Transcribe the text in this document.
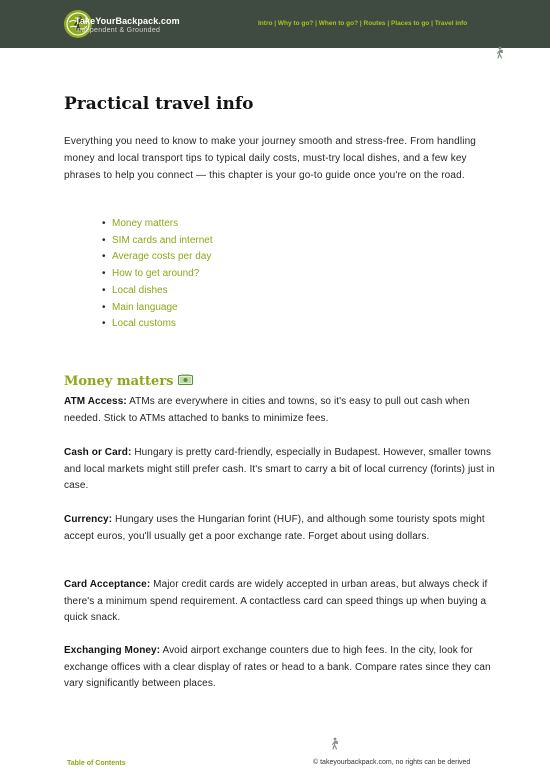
TakeYourBackpack.com
Independent & Grounded
Intro | Why to go? | When to go? | Routes | Places to go | Travel info
Practical travel info

Everything you need to know to make your journey smooth and stress-free. From handling money and local transport tips to typical daily costs, must-try local dishes, and a few key phrases to help you connect — this chapter is your go-to guide once you're on the road.

• Money matters
• SIM cards and internet
• Average costs per day
• How to get around?
• Local dishes
• Main language
• Local customs
Money matters

ATM Access: ATMs are everywhere in cities and towns, so it's easy to pull out cash when needed. Stick to ATMs attached to banks to minimize fees.

Cash or Card: Hungary is pretty card-friendly, especially in Budapest. However, smaller towns and local markets might still prefer cash. It's smart to carry a bit of local currency (forints) just in case.

Currency: Hungary uses the Hungarian forint (HUF), and although some touristy spots might accept euros, you'll usually get a poor exchange rate. Forget about using dollars.

Card Acceptance: Major credit cards are widely accepted in urban areas, but always check if there's a minimum spend requirement. A contactless card can speed things up when buying a quick snack.

Exchanging Money: Avoid airport exchange counters due to high fees. In the city, look for exchange offices with a clear display of rates or head to a bank. Compare rates since they can vary significantly between places.

Table of Contents	© takeyourbackpack.com, no rights can be derived
